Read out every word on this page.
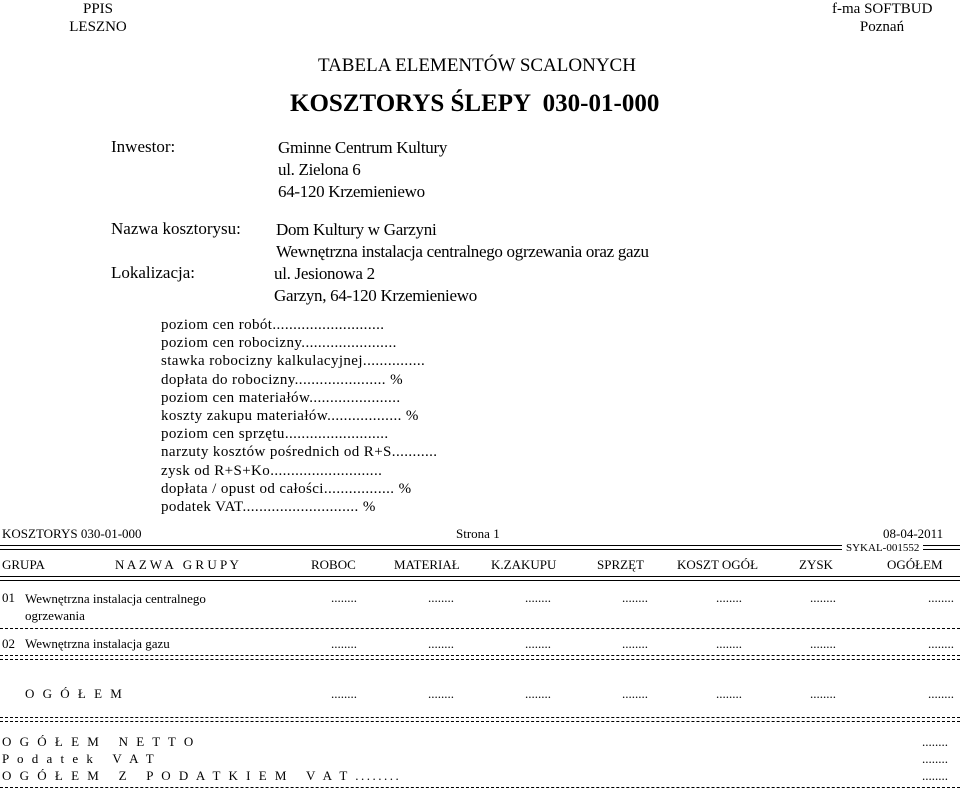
PPIS
LESZNO
f-ma SOFTBUD
Poznań
TABELA ELEMENTÓW SCALONYCH
KOSZTORYS ŚLEPY  030-01-000
Inwestor:	Gminne Centrum Kultury
ul. Zielona 6
64-120 Krzemieniewo
Nazwa kosztorysu: Dom Kultury w Garzyni
Wewnętrzna instalacja centralnego ogrzewania oraz gazu
Lokalizacja:	ul. Jesionowa 2
Garzyn, 64-120 Krzemieniewo
poziom cen robót...........................
poziom cen robocizny.......................
stawka robocizny kalkulacyjnej...............
dopłata do robocizny...................... %
poziom cen materiałów......................
koszty zakupu materiałów.................. %
poziom cen sprzętu.........................
narzuty kosztów pośrednich od R+S...........
zysk od R+S+Ko...........................
dopłata / opust od całości................. %
podatek VAT............................ %
KOSZTORYS 030-01-000	Strona 1	08-04-2011
SYKAL-001552
GRUPA	N A Z W A   G R U P Y	ROBOC	MATERIAŁ K.ZAKUPU	SPRZĘT	KOSZT OGÓŁ	ZYSK	OGÓŁEM
01 Wewnętrzna instalacja centralnego
ogrzewania
........	........	........	........	........	........	........
02 Wewnętrzna instalacja gazu	........	........	........	........	........	........	........
O G Ó Ł E M	........	........	........	........	........	........	........
O G Ó Ł E M   N E T T O	........
P o d a t e k   V A T	........
O G Ó Ł E M   Z   P O D A T K I E M   V A T ........	........
